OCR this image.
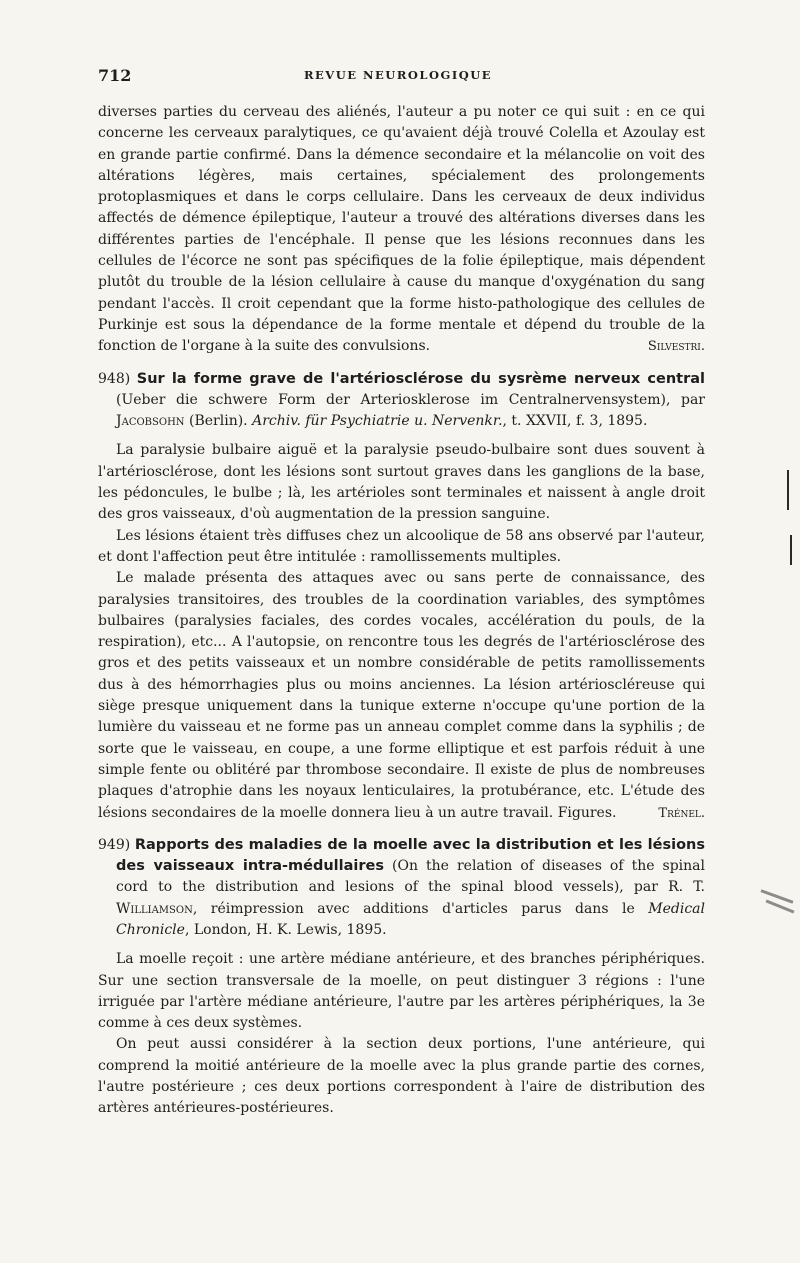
712	REVUE NEUROLOGIQUE

diverses parties du cerveau des aliénés, l'auteur a pu noter ce qui suit : en ce qui concerne les cerveaux paralytiques, ce qu'avaient déjà trouvé Colella et Azoulay est en grande partie confirmé. Dans la démence secondaire et la mélancolie on voit des altérations légères, mais certaines, spécialement des prolongements protoplasmiques et dans le corps cellulaire. Dans les cerveaux de deux individus affectés de démence épileptique, l'auteur a trouvé des altérations diverses dans les différentes parties de l'encéphale. Il pense que les lésions reconnues dans les cellules de l'écorce ne sont pas spécifiques de la folie épileptique, mais dépendent plutôt du trouble de la lésion cellulaire à cause du manque d'oxygénation du sang pendant l'accès. Il croit cependant que la forme histo-pathologique des cellules de Purkinje est sous la dépendance de la forme mentale et dépend du trouble de la fonction de l'organe à la suite des convulsions.	Silvestri.

948) Sur la forme grave de l'artériosclérose du sysrème nerveux central (Ueber die schwere Form der Arteriosklerose im Centralnervensystem), par Jacobsohn (Berlin). Archiv. für Psychiatrie u. Nervenkr., t. XXVII, f. 3, 1895.

La paralysie bulbaire aiguë et la paralysie pseudo-bulbaire sont dues souvent à l'artériosclérose, dont les lésions sont surtout graves dans les ganglions de la base, les pédoncules, le bulbe ; là, les artérioles sont terminales et naissent à angle droit des gros vaisseaux, d'où augmentation de la pression sanguine.

Les lésions étaient très diffuses chez un alcoolique de 58 ans observé par l'auteur, et dont l'affection peut être intitulée : ramollissements multiples.

Le malade présenta des attaques avec ou sans perte de connaissance, des paralysies transitoires, des troubles de la coordination variables, des symptômes bulbaires (paralysies faciales, des cordes vocales, accélération du pouls, de la respiration), etc... A l'autopsie, on rencontre tous les degrés de l'artériosclérose des gros et des petits vaisseaux et un nombre considérable de petits ramollissements dus à des hémorrhagies plus ou moins anciennes. La lésion artérioscléreuse qui siège presque uniquement dans la tunique externe n'occupe qu'une portion de la lumière du vaisseau et ne forme pas un anneau complet comme dans la syphilis ; de sorte que le vaisseau, en coupe, a une forme elliptique et est parfois réduit à une simple fente ou oblitéré par thrombose secondaire. Il existe de plus de nombreuses plaques d'atrophie dans les noyaux lenticulaires, la protubérance, etc. L'étude des lésions secondaires de la moelle donnera lieu à un autre travail. Figures.	Trénel.

949) Rapports des maladies de la moelle avec la distribution et les lésions des vaisseaux intra-médullaires (On the relation of diseases of the spinal cord to the distribution and lesions of the spinal blood vessels), par R. T. Williamson, réimpression avec additions d'articles parus dans le Medical Chronicle, London, H. K. Lewis, 1895.

La moelle reçoit : une artère médiane antérieure, et des branches périphériques. Sur une section transversale de la moelle, on peut distinguer 3 régions : l'une irriguée par l'artère médiane antérieure, l'autre par les artères périphériques, la 3e comme à ces deux systèmes.

On peut aussi considérer à la section deux portions, l'une antérieure, qui comprend la moitié antérieure de la moelle avec la plus grande partie des cornes, l'autre postérieure ; ces deux portions correspondent à l'aire de distribution des artères antérieures-postérieures.
